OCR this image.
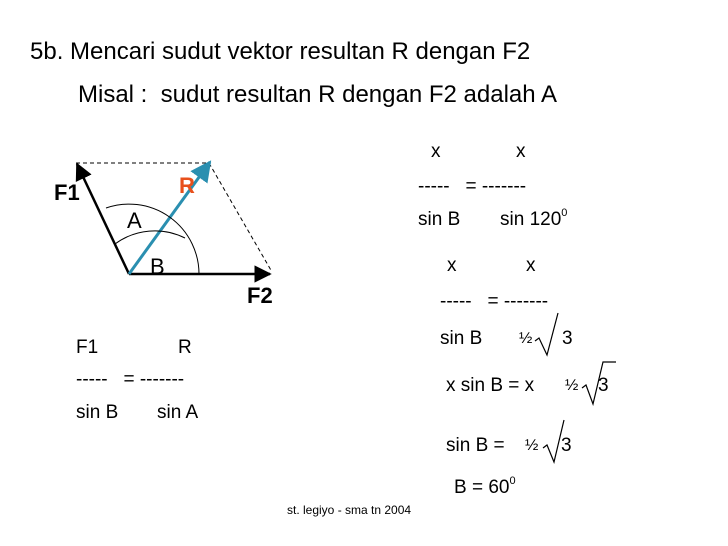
5b. Mencari sudut vektor resultan R dengan F2
Misal :  sudut resultan R dengan F2 adalah A
F1	R
A
B
F2
F1	R
-----   = -------
sin B sin A
x	x
-----   = -------
sin B $\sin 120^0$
x	x
-----   = -------
sin B ½ 3
x sin B = x ½ 3
sin B = ½ 3
$B = 60^0$
st. legiyo - sma tn 2004
